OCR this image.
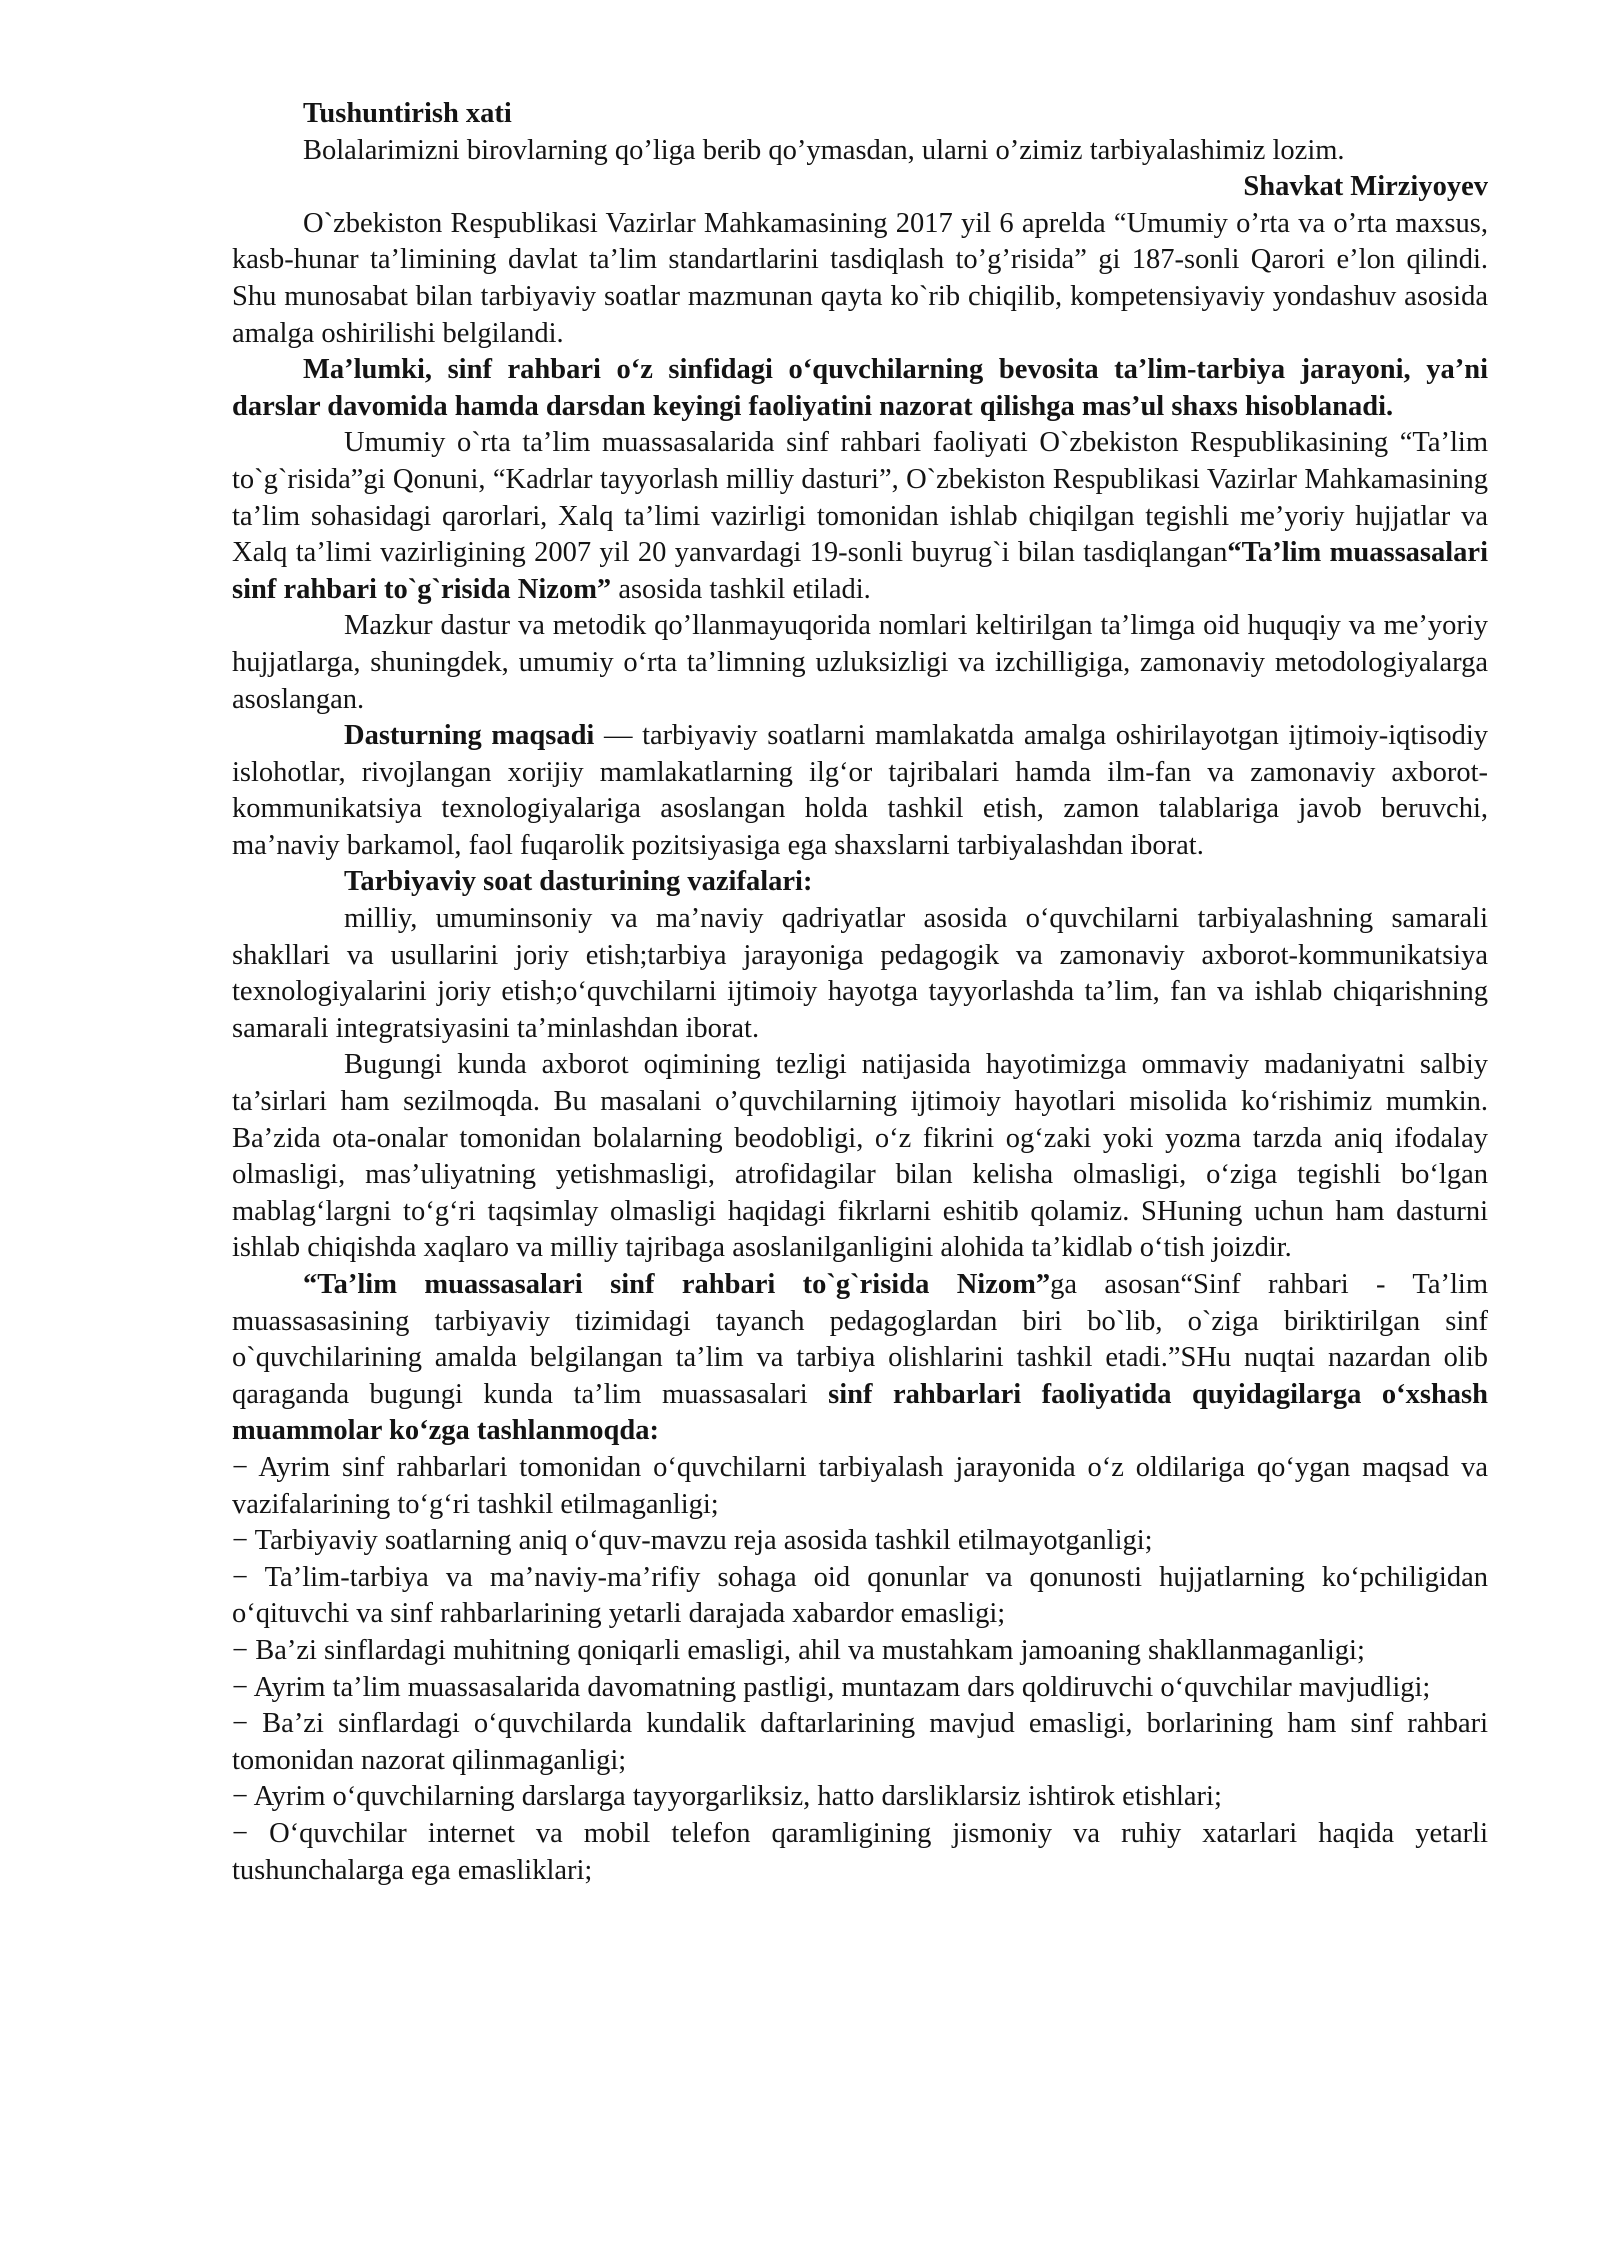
Tushuntirish xati

Bolalarimizni birovlarning qo’liga berib qo’ymasdan, ularni o’zimiz tarbiyalashimiz lozim.

Shavkat Mirziyoyev

O`zbekiston Respublikasi Vazirlar Mahkamasining 2017 yil 6 aprelda “Umumiy o’rta va o’rta maxsus, kasb-hunar ta’limining davlat ta’lim standartlarini tasdiqlash to’g’risida” gi 187-sonli Qarori e’lon qilindi. Shu munosabat bilan tarbiyaviy soatlar mazmunan qayta ko`rib chiqilib, kompetensiyaviy yondashuv asosida amalga oshirilishi belgilandi.

Ma’lumki, sinf rahbari o‘z sinfidagi o‘quvchilarning bevosita ta’lim-tarbiya jarayoni, ya’ni darslar davomida hamda darsdan keyingi faoliyatini nazorat qilishga mas’ul shaxs hisoblanadi.

Umumiy o`rta ta’lim muassasalarida sinf rahbari faoliyati O`zbekiston Respublikasining “Ta’lim to`g`risida”gi Qonuni, “Kadrlar tayyorlash milliy dasturi”, O`zbekiston Respublikasi Vazirlar Mahkamasining ta’lim sohasidagi qarorlari, Xalq ta’limi vazirligi tomonidan ishlab chiqilgan tegishli me’yoriy hujjatlar va Xalq ta’limi vazirligining 2007 yil 20 yanvardagi 19-sonli buyrug`i bilan tasdiqlangan“Ta’lim muassasalari sinf rahbari to`g`risida Nizom” asosida tashkil etiladi.

Mazkur dastur va metodik qo’llanmayuqorida nomlari keltirilgan ta’limga oid huquqiy va me’yoriy hujjatlarga, shuningdek, umumiy o‘rta ta’limning uzluksizligi va izchilligiga, zamonaviy metodologiyalarga asoslangan.

Dasturning maqsadi — tarbiyaviy soatlarni mamlakatda amalga oshirilayotgan ijtimoiy-iqtisodiy islohotlar, rivojlangan xorijiy mamlakatlarning ilg‘or tajribalari hamda ilm-fan va zamonaviy axborot-kommunikatsiya texnologiyalariga asoslangan holda tashkil etish, zamon talablariga javob beruvchi, ma’naviy barkamol, faol fuqarolik pozitsiyasiga ega shaxslarni tarbiyalashdan iborat.

Tarbiyaviy soat dasturining vazifalari:

milliy, umuminsoniy va ma’naviy qadriyatlar asosida o‘quvchilarni tarbiyalashning samarali shakllari va usullarini joriy etish;tarbiya jarayoniga pedagogik va zamonaviy axborot-kommunikatsiya texnologiyalarini joriy etish;o‘quvchilarni ijtimoiy hayotga tayyorlashda ta’lim, fan va ishlab chiqarishning samarali integratsiyasini ta’minlashdan iborat.

Bugungi kunda axborot oqimining tezligi natijasida hayotimizga ommaviy madaniyatni salbiy ta’sirlari ham sezilmoqda. Bu masalani o’quvchilarning ijtimoiy hayotlari misolida ko‘rishimiz mumkin. Ba’zida ota-onalar tomonidan bolalarning beodobligi, o‘z fikrini og‘zaki yoki yozma tarzda aniq ifodalay olmasligi, mas’uliyatning yetishmasligi, atrofidagilar bilan kelisha olmasligi, o‘ziga tegishli bo‘lgan mablag‘largni to‘g‘ri taqsimlay olmasligi haqidagi fikrlarni eshitib qolamiz. SHuning uchun ham dasturni ishlab chiqishda xaqlaro va milliy tajribaga asoslanilganligini alohida ta’kidlab o‘tish joizdir.

“Ta’lim muassasalari sinf rahbari to`g`risida Nizom”ga asosan“Sinf rahbari - Ta’lim muassasasining tarbiyaviy tizimidagi tayanch pedagoglardan biri bo`lib, o`ziga biriktirilgan sinf o`quvchilarining amalda belgilangan ta’lim va tarbiya olishlarini tashkil etadi.”SHu nuqtai nazardan olib qaraganda bugungi kunda ta’lim muassasalari sinf rahbarlari faoliyatida quyidagilarga o‘xshash muammolar ko‘zga tashlanmoqda:

− Ayrim sinf rahbarlari tomonidan o‘quvchilarni tarbiyalash jarayonida o‘z oldilariga qo‘ygan maqsad va vazifalarining to‘g‘ri tashkil etilmaganligi;

− Tarbiyaviy soatlarning aniq o‘quv-mavzu reja asosida tashkil etilmayotganligi;

− Ta’lim-tarbiya va ma’naviy-ma’rifiy sohaga oid qonunlar va qonunosti hujjatlarning ko‘pchiligidan o‘qituvchi va sinf rahbarlarining yetarli darajada xabardor emasligi;

− Ba’zi sinflardagi muhitning qoniqarli emasligi, ahil va mustahkam jamoaning shakllanmaganligi;

− Ayrim ta’lim muassasalarida davomatning pastligi, muntazam dars qoldiruvchi o‘quvchilar mavjudligi;

− Ba’zi sinflardagi o‘quvchilarda kundalik daftarlarining mavjud emasligi, borlarining ham sinf rahbari tomonidan nazorat qilinmaganligi;

− Ayrim o‘quvchilarning darslarga tayyorgarliksiz, hatto darsliklarsiz ishtirok etishlari;

− O‘quvchilar internet va mobil telefon qaramligining jismoniy va ruhiy xatarlari haqida yetarli tushunchalarga ega emasliklari;
